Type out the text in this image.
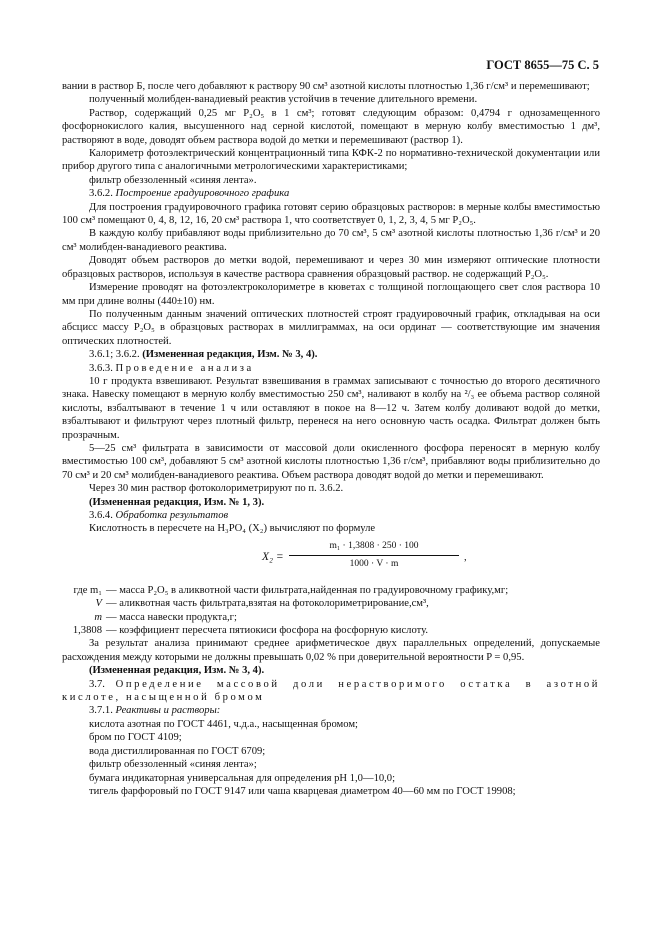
ГОСТ 8655—75 С. 5

вании в раствор Б, после чего добавляют к раствору 90 см³ азотной кислоты плотностью 1,36 г/см³ и перемешивают;

полученный молибден-ванадиевый реактив устойчив в течение длительного времени.

Раствор, содержащий 0,25 мг P₂O₅ в 1 см³; готовят следующим образом: 0,4794 г однозамещенного фосфорнокислого калия, высушенного над серной кислотой, помещают в мерную колбу вместимостью 1 дм³, растворяют в воде, доводят объем раствора водой до метки и перемешивают (раствор 1).

Калориметр фотоэлектрический концентрационный типа КФК-2 по нормативно-технической документации или прибор другого типа с аналогичными метрологическими характеристиками;

фильтр обеззоленный «синяя лента».

3.6.2. Построение градуировочного графика

Для построения градуировочного графика готовят серию образцовых растворов: в мерные колбы вместимостью 100 см³ помещают 0, 4, 8, 12, 16, 20 см³ раствора 1, что соответствует 0, 1, 2, 3, 4, 5 мг P₂O₅.

В каждую колбу прибавляют воды приблизительно до 70 см³, 5 см³ азотной кислоты плотностью 1,36 г/см³ и 20 см³ молибден-ванадиевого реактива.

Доводят объем растворов до метки водой, перемешивают и через 30 мин измеряют оптические плотности образцовых растворов, используя в качестве раствора сравнения образцовый раствор. не содержащий P₂O₅.

Измерение проводят на фотоэлектроколориметре в кюветах с толщиной поглощающего свет слоя раствора 10 мм при длине волны (440±10) нм.

По полученным данным значений оптических плотностей строят градуировочный график, откладывая на оси абсцисс массу P₂O₅ в образцовых растворах в миллиграммах, на оси ординат — соответствующие им значения оптических плотностей.

3.6.1; 3.6.2. (Измененная редакция, Изм. № 3, 4).

3.6.3. Проведение анализа

10 г продукта взвешивают. Результат взвешивания в граммах записывают с точностью до второго десятичного знака. Навеску помещают в мерную колбу вместимостью 250 см³, наливают в колбу на ²/₃ ее объема раствор соляной кислоты, взбалтывают в течение 1 ч или оставляют в покое на 8—12 ч. Затем колбу доливают водой до метки, взбалтывают и фильтруют через плотный фильтр, перенеся на него основную часть осадка. Фильтрат должен быть прозрачным.

5—25 см³ фильтрата в зависимости от массовой доли окисленного фосфора переносят в мерную колбу вместимостью 100 см³, добавляют 5 см³ азотной кислоты плотностью 1,36 г/см³, прибавляют воды приблизительно до 70 см³ и 20 см³ молибден-ванадиевого реактива. Объем раствора доводят водой до метки и перемешивают.

Через 30 мин раствор фотоколориметрируют по п. 3.6.2.

(Измененная редакция, Изм. № 1, 3).

3.6.4. Обработка результатов

Кислотность в пересчете на H₃PO₄ (X₂) вычисляют по формуле

$X_2 = \frac{\text{m₁ · 1,3808 · 250 · 100}}{1000 \cdot V \cdot m}$ ,
где m₁ — масса P₂O₅ в аликвотной части фильтрата,найденная по градуировочному графику,мг;
V — аликвотная часть фильтрата,взятая на фотоколориметрирование,см³,
m — масса навески продукта,г;
1,3808 — коэффициент пересчета пятиокиси фосфора на фосфорную кислоту.

За результат анализа принимают среднее арифметическое двух параллельных определений, допускаемые расхождения между которыми не должны превышать 0,02 % при доверительной вероятности P = 0,95.

(Измененная редакция, Изм. № 3, 4).

3.7. Определение массовой доли нерастворимого остатка в азотной кислоте, насыщенной бромом

3.7.1. Реактивы и растворы:

кислота азотная по ГОСТ 4461, ч.д.а., насыщенная бромом;

бром по ГОСТ 4109;

вода дистиллированная по ГОСТ 6709;

фильтр обеззоленный «синяя лента»;

бумага индикаторная универсальная для определения pH 1,0—10,0;

тигель фарфоровый по ГОСТ 9147 или чаша кварцевая диаметром 40—60 мм по ГОСТ 19908;
